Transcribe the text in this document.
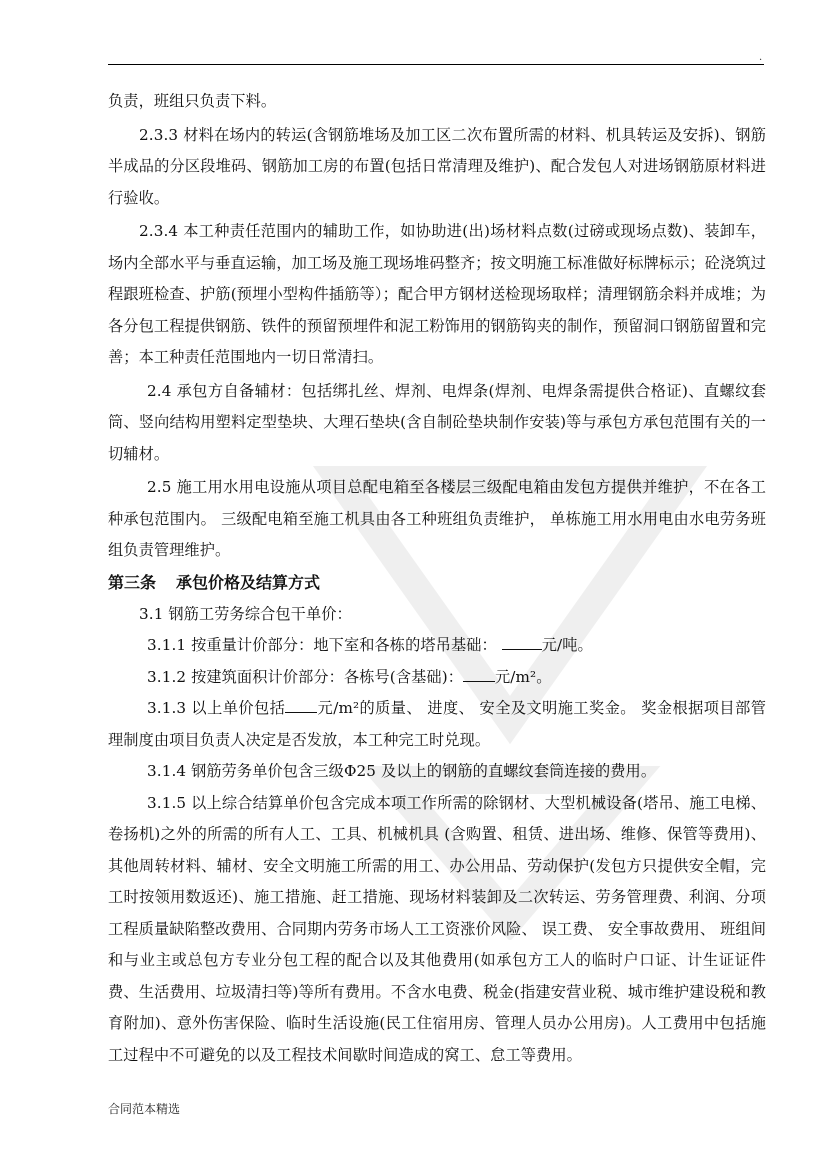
.

负责，班组只负责下料。

2.3.3 材料在场内的转运(含钢筋堆场及加工区二次布置所需的材料、机具转运及安拆)、钢筋半成品的分区段堆码、钢筋加工房的布置(包括日常清理及维护)、配合发包人对进场钢筋原材料进行验收。

2.3.4 本工种责任范围内的辅助工作，如协助进(出)场材料点数(过磅或现场点数)、装卸车，场内全部水平与垂直运输，加工场及施工现场堆码整齐；按文明施工标准做好标牌标示；砼浇筑过程跟班检查、护筋(预埋小型构件插筋等）；配合甲方钢材送检现场取样；清理钢筋余料并成堆；为各分包工程提供钢筋、铁件的预留预埋件和泥工粉饰用的钢筋钩夹的制作，预留洞口钢筋留置和完善；本工种责任范围地内一切日常清扫。

2.4 承包方自备辅材：包括绑扎丝、焊剂、电焊条(焊剂、电焊条需提供合格证)、直螺纹套筒、竖向结构用塑料定型垫块、大理石垫块(含自制砼垫块制作安装)等与承包方承包范围有关的一切辅材。

2.5 施工用水用电设施从项目总配电箱至各楼层三级配电箱由发包方提供并维护，不在各工种承包范围内。 三级配电箱至施工机具由各工种班组负责维护， 单栋施工用水用电由水电劳务班组负责管理维护。

第三条 承包价格及结算方式

3.1 钢筋工劳务综合包干单价：

3.1.1 按重量计价部分：地下室和各栋的塔吊基础：	元/吨。

3.1.2 按建筑面积计价部分：各栋号(含基础)： 元/m²。

3.1.3 以上单价包括 元/m²的质量、 进度、 安全及文明施工奖金。 奖金根据项目部管理制度由项目负责人决定是否发放，本工种完工时兑现。

3.1.4 钢筋劳务单价包含三级Φ25 及以上的钢筋的直螺纹套筒连接的费用。

3.1.5 以上综合结算单价包含完成本项工作所需的除钢材、大型机械设备(塔吊、施工电梯、卷扬机)之外的所需的所有人工、工具、机械机具 (含购置、租赁、进出场、维修、保管等费用)、其他周转材料、辅材、安全文明施工所需的用工、办公用品、劳动保护(发包方只提供安全帽，完工时按领用数返还)、施工措施、赶工措施、现场材料装卸及二次转运、劳务管理费、利润、分项工程质量缺陷整改费用、合同期内劳务市场人工工资涨价风险、 误工费、 安全事故费用、 班组间和与业主或总包方专业分包工程的配合以及其他费用(如承包方工人的临时户口证、计生证证件费、生活费用、垃圾清扫等)等所有费用。不含水电费、税金(指建安营业税、城市维护建设税和教育附加)、意外伤害保险、临时生活设施(民工住宿用房、管理人员办公用房)。人工费用中包括施工过程中不可避免的以及工程技术间歇时间造成的窝工、怠工等费用。

合同范本精选
